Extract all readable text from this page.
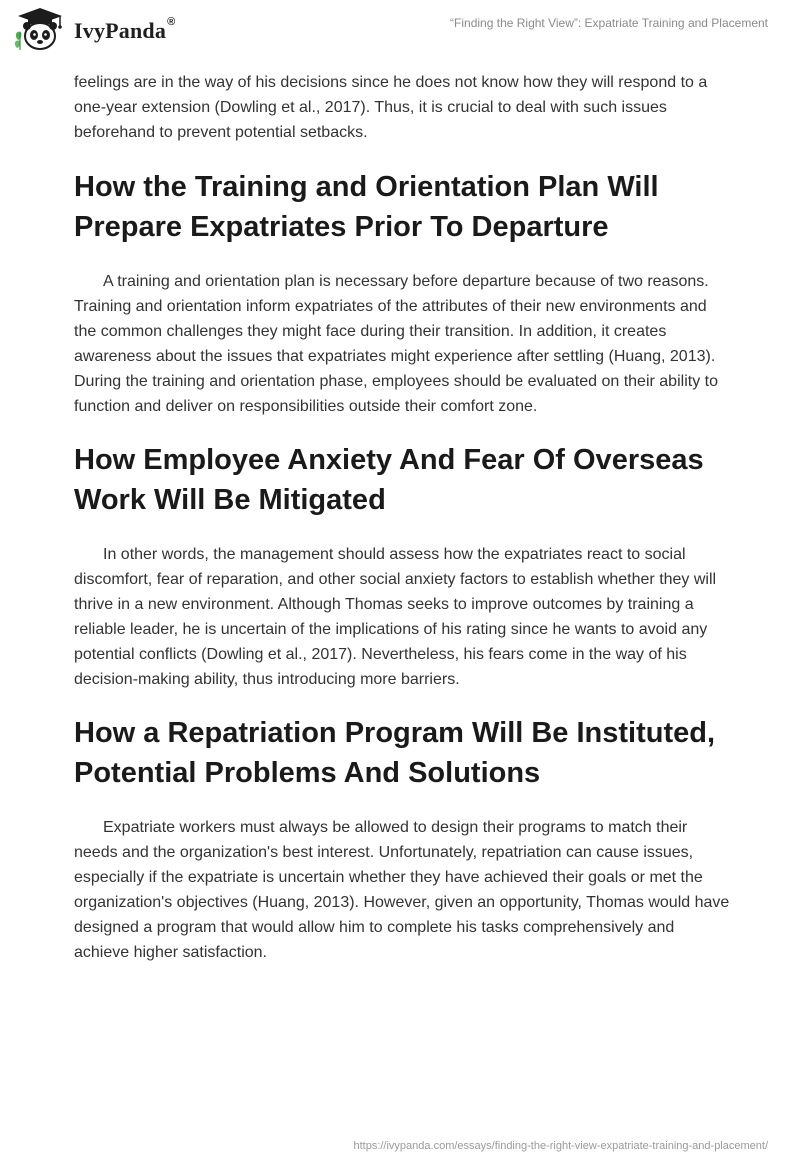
IvyPanda®	“Finding the Right View”: Expatriate Training and Placement

feelings are in the way of his decisions since he does not know how they will respond to a one-year extension (Dowling et al., 2017). Thus, it is crucial to deal with such issues beforehand to prevent potential setbacks.

How the Training and Orientation Plan Will Prepare Expatriates Prior To Departure

A training and orientation plan is necessary before departure because of two reasons. Training and orientation inform expatriates of the attributes of their new environments and the common challenges they might face during their transition. In addition, it creates awareness about the issues that expatriates might experience after settling (Huang, 2013). During the training and orientation phase, employees should be evaluated on their ability to function and deliver on responsibilities outside their comfort zone.

How Employee Anxiety And Fear Of Overseas Work Will Be Mitigated

In other words, the management should assess how the expatriates react to social discomfort, fear of reparation, and other social anxiety factors to establish whether they will thrive in a new environment. Although Thomas seeks to improve outcomes by training a reliable leader, he is uncertain of the implications of his rating since he wants to avoid any potential conflicts (Dowling et al., 2017). Nevertheless, his fears come in the way of his decision-making ability, thus introducing more barriers.

How a Repatriation Program Will Be Instituted, Potential Problems And Solutions

Expatriate workers must always be allowed to design their programs to match their needs and the organization's best interest. Unfortunately, repatriation can cause issues, especially if the expatriate is uncertain whether they have achieved their goals or met the organization's objectives (Huang, 2013). However, given an opportunity, Thomas would have designed a program that would allow him to complete his tasks comprehensively and achieve higher satisfaction.

https://ivypanda.com/essays/finding-the-right-view-expatriate-training-and-placement/
